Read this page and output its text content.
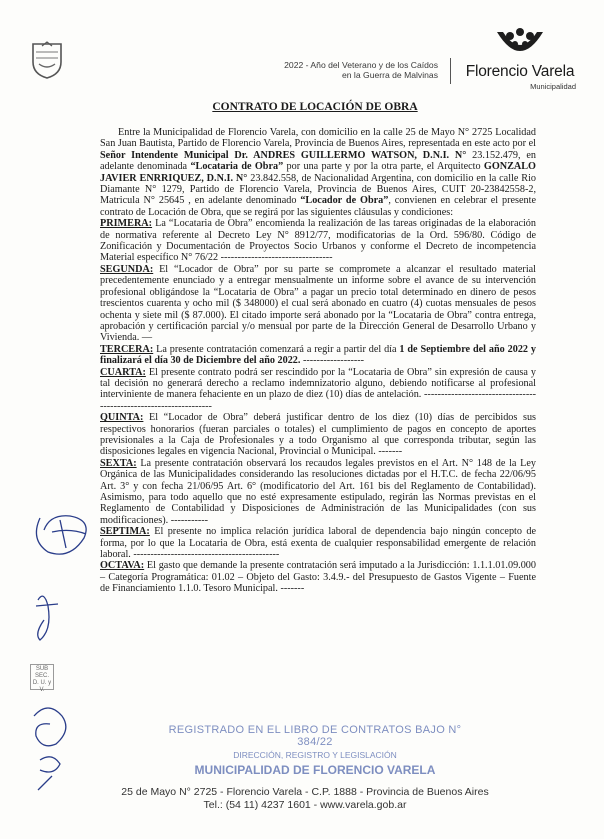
2022 - Año del Veterano y de los Caídos
en la Guerra de Malvinas Florencio Varela
Municipalidad
CONTRATO DE LOCACIÓN DE OBRA

Entre la Municipalidad de Florencio Varela, con domicilio en la calle 25 de Mayo N° 2725 Localidad San Juan Bautista, Partido de Florencio Varela, Provincia de Buenos Aires, representada en este acto por el Señor Intendente Municipal Dr. ANDRES GUILLERMO WATSON, D.N.I. N° 23.152.479, en adelante denominada “Locataria de Obra” por una parte y por la otra parte, el Arquitecto GONZALO JAVIER ENRRIQUEZ, D.N.I. N° 23.842.558, de Nacionalidad Argentina, con domicilio en la calle Rio Diamante N° 1279, Partido de Florencio Varela, Provincia de Buenos Aires, CUIT 20-23842558-2, Matricula N° 25645 , en adelante denominado “Locador de Obra”, convienen en celebrar el presente contrato de Locación de Obra, que se regirá por las siguientes cláusulas y condiciones:

PRIMERA: La “Locataria de Obra” encomienda la realización de las tareas originadas de la elaboración de normativa referente al Decreto Ley N° 8912/77, modificatorias de la Ord. 596/80. Código de Zonificación y Documentación de Proyectos Socio Urbanos y conforme el Decreto de incompetencia Material específico N° 76/22 ---------------------------------

SEGUNDA: El “Locador de Obra” por su parte se compromete a alcanzar el resultado material precedentemente enunciado y a entregar mensualmente un informe sobre el avance de su intervención profesional obligándose la “Locataria de Obra” a pagar un precio total determinado en dinero de pesos trescientos cuarenta y ocho mil ($ 348000) el cual será abonado en cuatro (4) cuotas mensuales de pesos ochenta y siete mil ($ 87.000). El citado importe será abonado por la “Locataria de Obra” contra entrega, aprobación y certificación parcial y/o mensual por parte de la Dirección General de Desarrollo Urbano y Vivienda. —

TERCERA: La presente contratación comenzará a regir a partir del día 1 de Septiembre del año 2022 y finalizará el día 30 de Diciembre del año 2022. ------------------

CUARTA: El presente contrato podrá ser rescindido por la “Locataria de Obra” sin expresión de causa y tal decisión no generará derecho a reclamo indemnizatorio alguno, debiendo notificarse al profesional interviniente de manera fehaciente en un plazo de diez (10) días de antelación. ------------------------------------------------------------------

QUINTA: El “Locador de Obra” deberá justificar dentro de los diez (10) días de percibidos sus respectivos honorarios (fueran parciales o totales) el cumplimiento de pagos en concepto de aportes previsionales a la Caja de Profesionales y a todo Organismo al que corresponda tributar, según las disposiciones legales en vigencia Nacional, Provincial o Municipal. -------

SEXTA: La presente contratación observará los recaudos legales previstos en el Art. N° 148 de la Ley Orgánica de las Municipalidades considerando las resoluciones dictadas por el H.T.C. de fecha 22/06/95 Art. 3° y con fecha 21/06/95 Art. 6° (modificatorio del Art. 161 bis del Reglamento de Contabilidad). Asimismo, para todo aquello que no esté expresamente estipulado, regirán las Normas previstas en el Reglamento de Contabilidad y Disposiciones de Administración de las Municipalidades (con sus modificaciones). -----------

SEPTIMA: El presente no implica relación jurídica laboral de dependencia bajo ningún concepto de forma, por lo que la Locataria de Obra, está exenta de cualquier responsabilidad emergente de relación laboral. -------------------------------------------

OCTAVA: El gasto que demande la presente contratación será imputado a la Jurisdicción: 1.1.1.01.09.000 – Categoría Programática: 01.02 – Objeto del Gasto: 3.4.9.- del Presupuesto de Gastos Vigente – Fuente de Financiamiento 1.1.0. Tesoro Municipal. -------

SUB SEC.
D. U. y V.
REGISTRADO EN EL LIBRO DE CONTRATOS BAJO N° 384/22
DIRECCIÓN, REGISTRO Y LEGISLACIÓN
MUNICIPALIDAD DE FLORENCIO VARELA
25 de Mayo N° 2725 - Florencio Varela - C.P. 1888 - Provincia de Buenos Aires
Tel.: (54 11) 4237 1601 - www.varela.gob.ar
